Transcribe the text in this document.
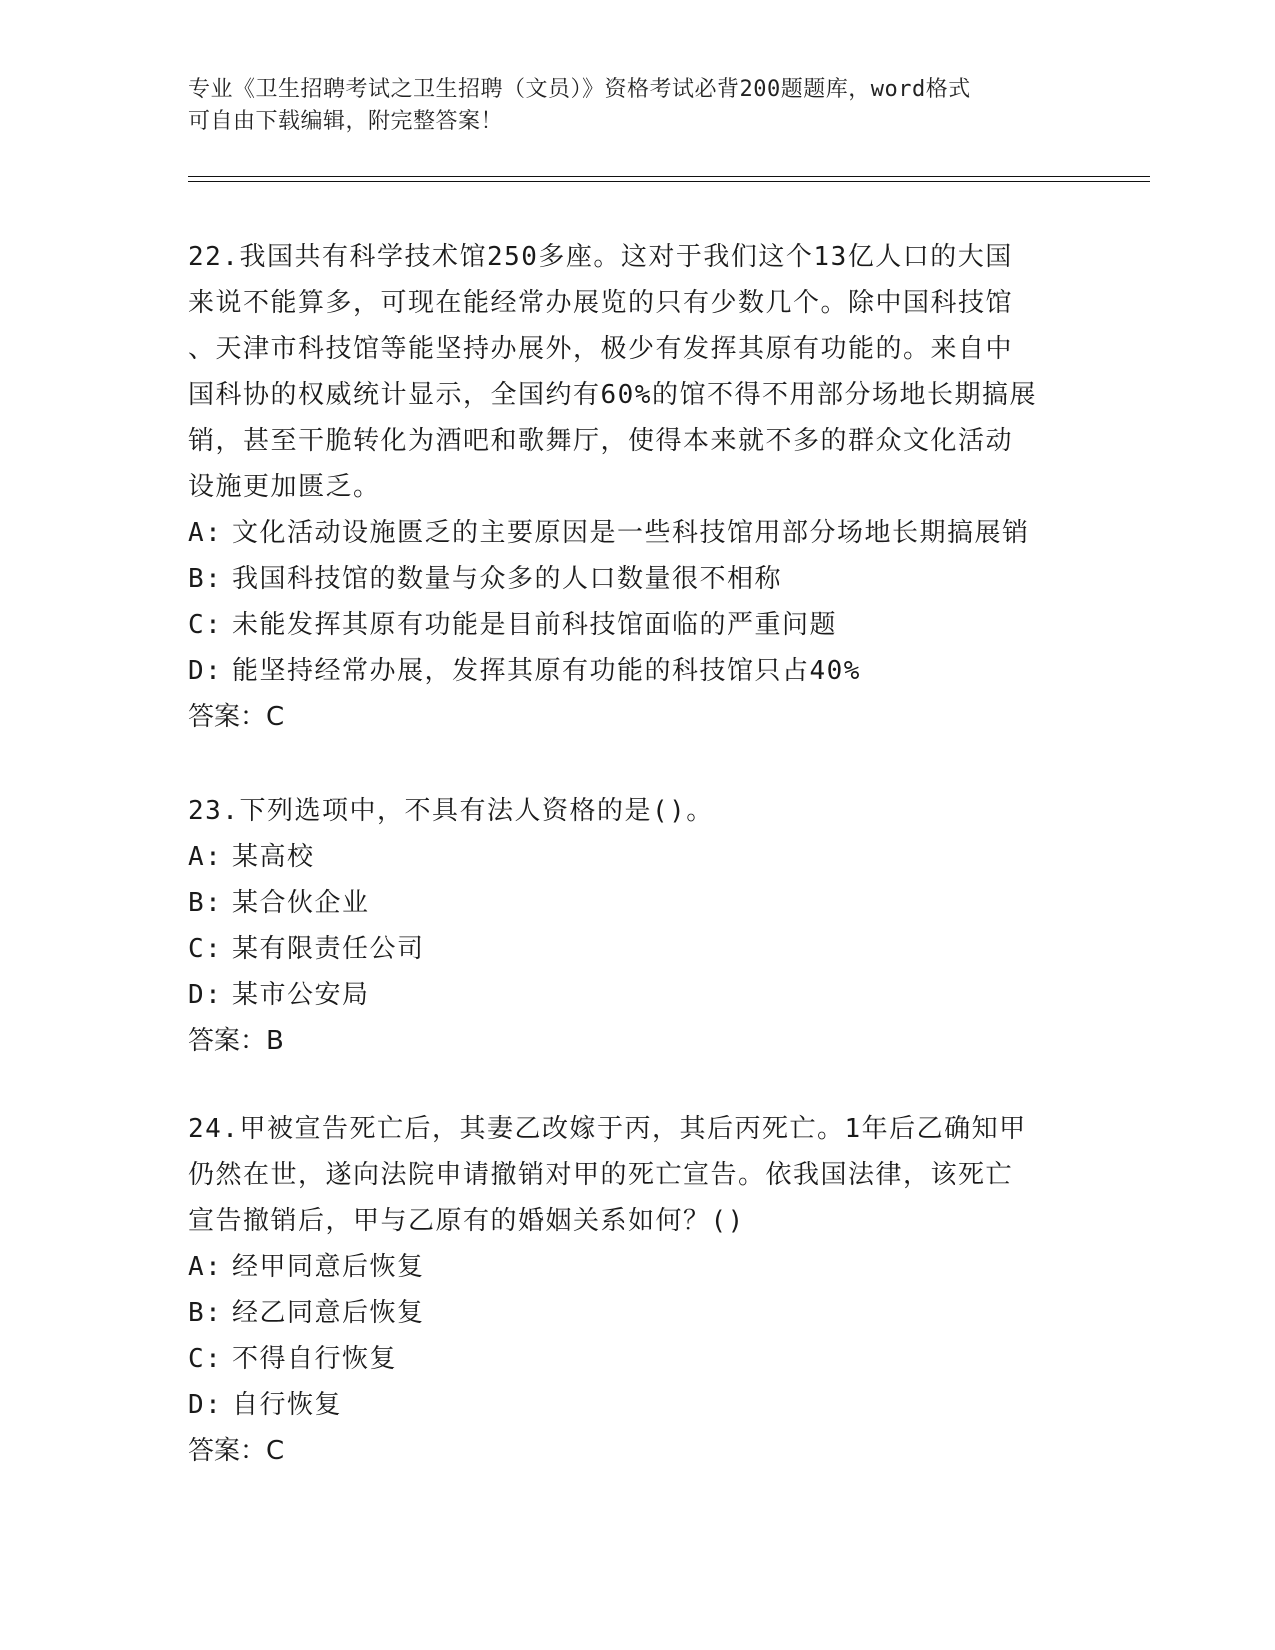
专业《卫生招聘考试之卫生招聘（文员）》资格考试必背200题题库，word格式
可自由下载编辑，附完整答案！

22.我国共有科学技术馆250多座。这对于我们这个13亿人口的大国

来说不能算多，可现在能经常办展览的只有少数几个。除中国科技馆

、天津市科技馆等能坚持办展外，极少有发挥其原有功能的。来自中

国科协的权威统计显示，全国约有60%的馆不得不用部分场地长期搞展

销，甚至干脆转化为酒吧和歌舞厅，使得本来就不多的群众文化活动

设施更加匮乏。

A: 文化活动设施匮乏的主要原因是一些科技馆用部分场地长期搞展销

B: 我国科技馆的数量与众多的人口数量很不相称

C: 未能发挥其原有功能是目前科技馆面临的严重问题

D: 能坚持经常办展，发挥其原有功能的科技馆只占40%

答案：C

23.下列选项中，不具有法人资格的是()。

A: 某高校

B: 某合伙企业

C: 某有限责任公司

D: 某市公安局

答案：B

24.甲被宣告死亡后，其妻乙改嫁于丙，其后丙死亡。1年后乙确知甲

仍然在世，遂向法院申请撤销对甲的死亡宣告。依我国法律，该死亡

宣告撤销后，甲与乙原有的婚姻关系如何？()

A: 经甲同意后恢复

B: 经乙同意后恢复

C: 不得自行恢复

D: 自行恢复

答案：C
